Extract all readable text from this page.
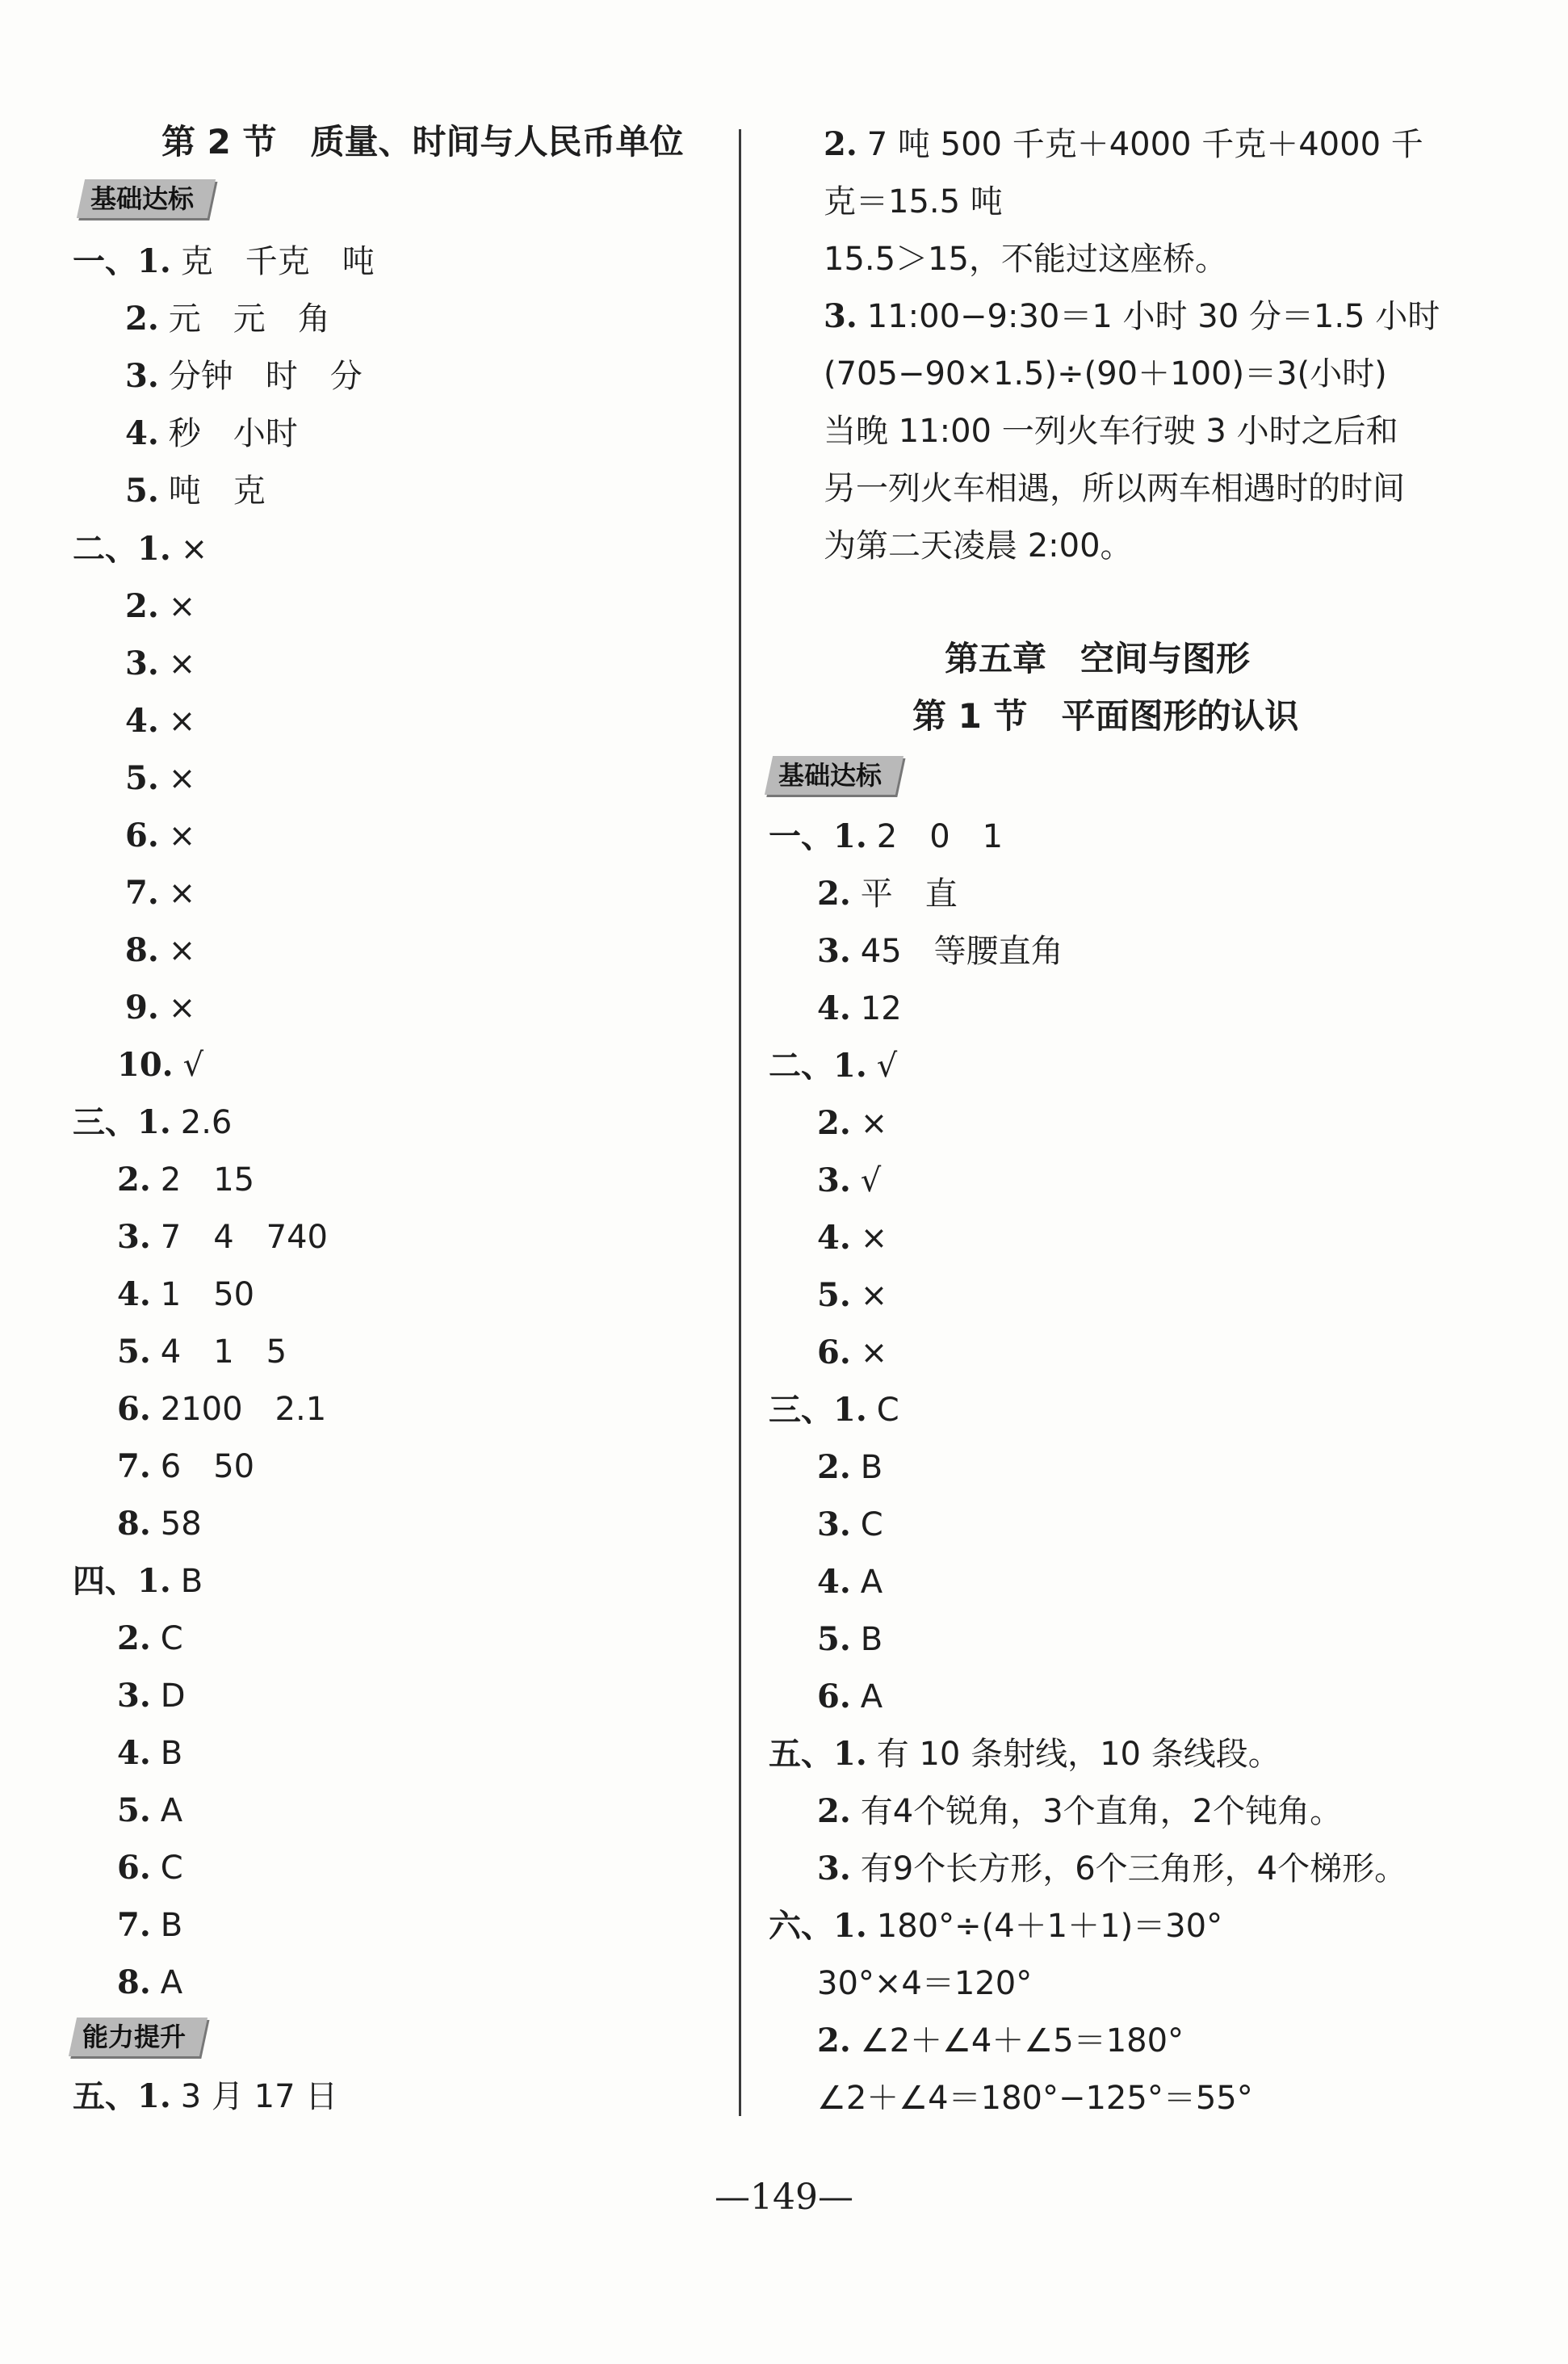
第 2 节　质量、时间与人民币单位
基础达标
一、1. 克　千克　吨
2. 元　元　角
3. 分钟　时　分
4. 秒　小时
5. 吨　克
二、1. ×
2. ×
3. ×
4. ×
5. ×
6. ×
7. ×
8. ×
9. ×
10. √
三、1. 2.6
2. 2　15
3. 7　4　740
4. 1　50
5. 4　1　5
6. 2100　2.1
7. 6　50
8. 58
四、1. B
2. C
3. D
4. B
5. A
6. C
7. B
8. A
能力提升
五、1. 3 月 17 日
2. 7 吨 500 千克＋4000 千克＋4000 千
克＝15.5 吨
15.5＞15，不能过这座桥。
3. 11:00−9:30＝1 小时 30 分＝1.5 小时
(705−90×1.5)÷(90＋100)＝3(小时)
当晚 11:00 一列火车行驶 3 小时之后和
另一列火车相遇，所以两车相遇时的时间
为第二天凌晨 2:00。
第五章　空间与图形
第 1 节　平面图形的认识
基础达标
一、1. 2　0　1
2. 平　直
3. 45　等腰直角
4. 12
二、1. √
2. ×
3. √
4. ×
5. ×
6. ×
三、1. C
2. B
3. C
4. A
5. B
6. A
五、1. 有 10 条射线，10 条线段。
2. 有4个锐角，3个直角，2个钝角。
3. 有9个长方形，6个三角形，4个梯形。
六、1. 180°÷(4＋1＋1)＝30°
30°×4＝120°
2. ∠2＋∠4＋∠5＝180°
∠2＋∠4＝180°−125°＝55°
—149—
